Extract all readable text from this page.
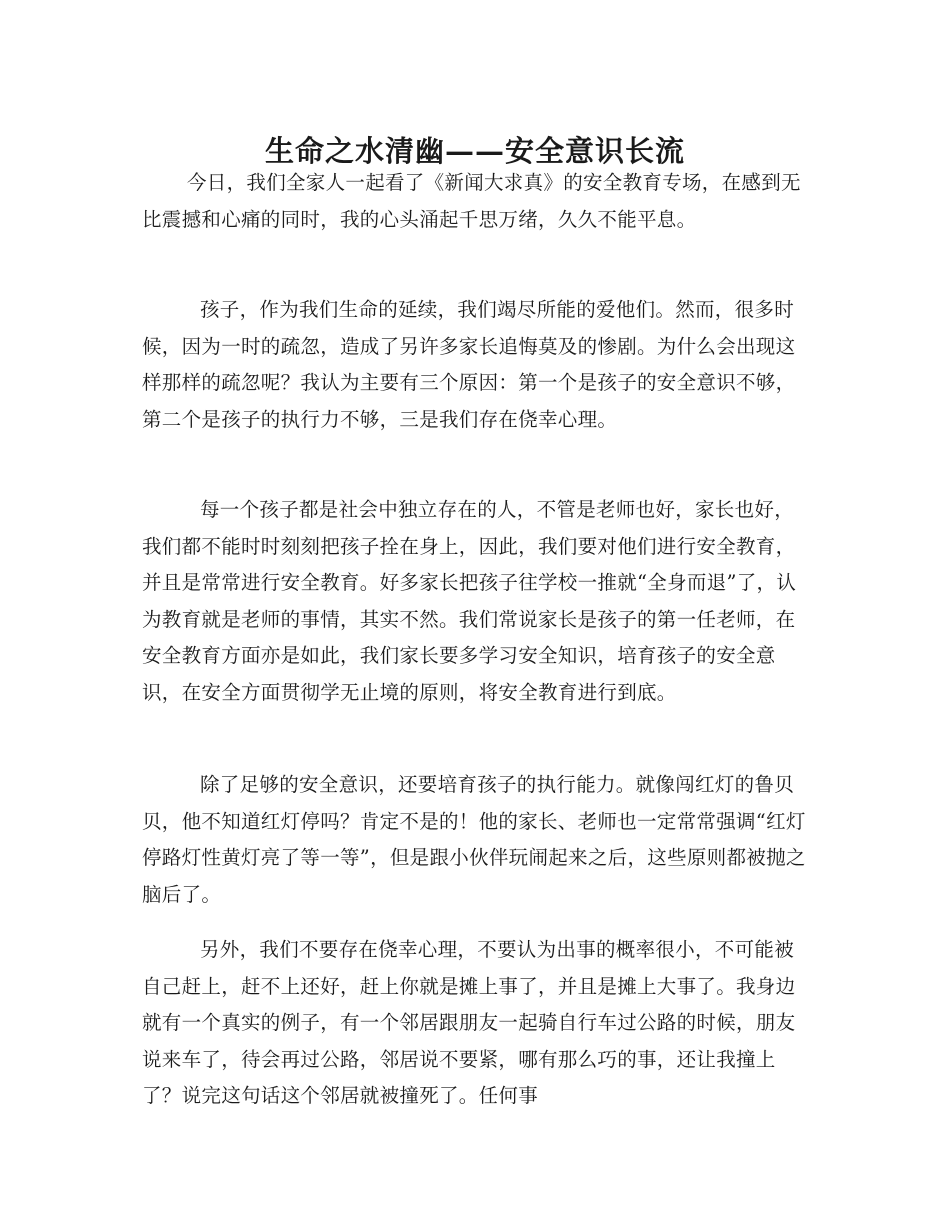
生命之水清幽——安全意识长流

今日，我们全家人一起看了《新闻大求真》的安全教育专场，在感到无比震撼和心痛的同时，我的心头涌起千思万绪，久久不能平息。

孩子，作为我们生命的延续，我们竭尽所能的爱他们。然而，很多时候，因为一时的疏忽，造成了另许多家长追悔莫及的惨剧。为什么会出现这样那样的疏忽呢？我认为主要有三个原因：第一个是孩子的安全意识不够，第二个是孩子的执行力不够，三是我们存在侥幸心理。

每一个孩子都是社会中独立存在的人，不管是老师也好，家长也好，我们都不能时时刻刻把孩子拴在身上，因此，我们要对他们进行安全教育，并且是常常进行安全教育。好多家长把孩子往学校一推就“全身而退”了，认为教育就是老师的事情，其实不然。我们常说家长是孩子的第一任老师，在安全教育方面亦是如此，我们家长要多学习安全知识，培育孩子的安全意识，在安全方面贯彻学无止境的原则，将安全教育进行到底。

除了足够的安全意识，还要培育孩子的执行能力。就像闯红灯的鲁贝贝，他不知道红灯停吗？肯定不是的！他的家长、老师也一定常常强调“红灯停路灯性黄灯亮了等一等”，但是跟小伙伴玩闹起来之后，这些原则都被抛之脑后了。

另外，我们不要存在侥幸心理，不要认为出事的概率很小，不可能被自己赶上，赶不上还好，赶上你就是摊上事了，并且是摊上大事了。我身边就有一个真实的例子，有一个邻居跟朋友一起骑自行车过公路的时候，朋友说来车了，待会再过公路，邻居说不要紧，哪有那么巧的事，还让我撞上了？说完这句话这个邻居就被撞死了。任何事
